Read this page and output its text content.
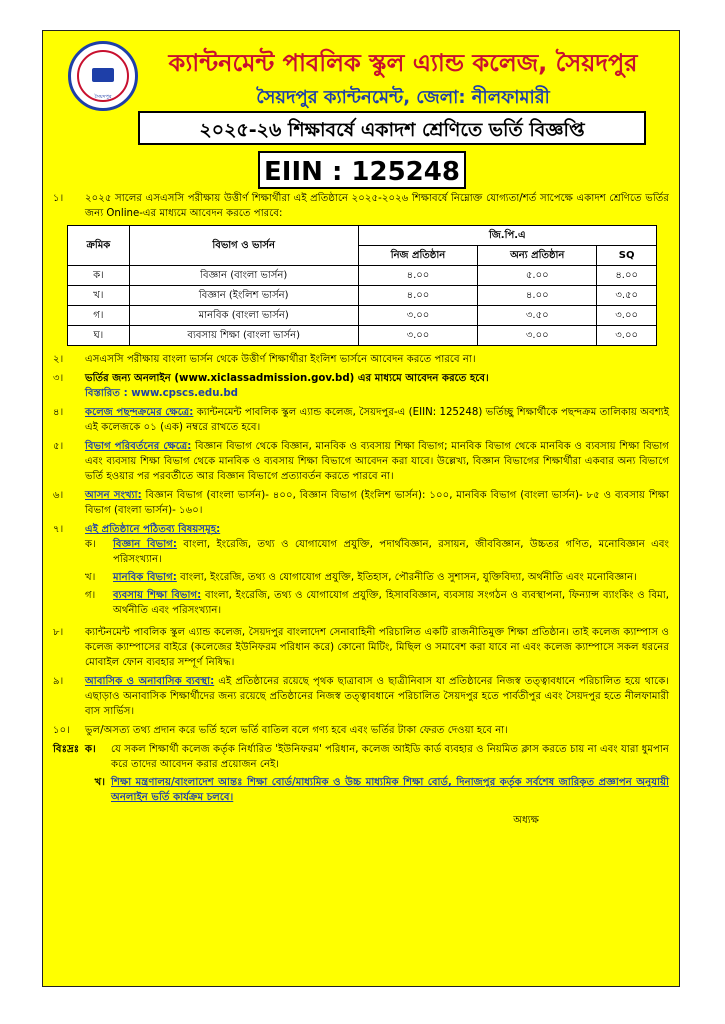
সৈয়দপুর
ক্যান্টনমেন্ট পাবলিক স্কুল এ্যান্ড কলেজ, সৈয়দপুর
সৈয়দপুর ক্যান্টনমেন্ট, জেলা: নীলফামারী
২০২৫-২৬ শিক্ষাবর্ষে একাদশ শ্রেণিতে ভর্তি বিজ্ঞপ্তি
EIIN : 125248
১।	২০২৫ সালের এসএসসি পরীক্ষায় উত্তীর্ণ শিক্ষার্থীরা এই প্রতিষ্ঠানে ২০২৫-২০২৬ শিক্ষাবর্ষে নিম্নোক্ত যোগ্যতা/শর্ত সাপেক্ষে একাদশ শ্রেণিতে ভর্তির জন্য Online-এর মাধ্যমে আবেদন করতে পারবে:
ক্রমিক	বিভাগ ও ভার্সন	জি.পি.এ		
		নিজ প্রতিষ্ঠান	অন্য প্রতিষ্ঠান	SQ
ক।	বিজ্ঞান (বাংলা ভার্সন)	৪.০০	৫.০০	৪.০০
খ।	বিজ্ঞান (ইংলিশ ভার্সন)	৪.০০	৪.০০	৩.৫০
গ।	মানবিক (বাংলা ভার্সন)	৩.০০	৩.৫০	৩.০০
ঘ।	ব্যবসায় শিক্ষা (বাংলা ভার্সন)	৩.০০	৩.০০	৩.০০
২।	এসএসসি পরীক্ষায় বাংলা ভার্সন থেকে উত্তীর্ণ শিক্ষার্থীরা ইংলিশ ভার্সনে আবেদন করতে পারবে না।
৩।	ভর্তির জন্য অনলাইন (www.xiclassadmission.gov.bd) এর মাধ্যমে আবেদন করতে হবে।
বিস্তারিত : www.cpscs.edu.bd
৪।	কলেজ পছন্দক্রমের ক্ষেত্রে: ক্যান্টনমেন্ট পাবলিক স্কুল এ্যান্ড কলেজ, সৈয়দপুর-এ (EIIN: 125248) ভর্তিচ্ছু শিক্ষার্থীকে পছন্দক্রম তালিকায় অবশ্যই এই কলেজকে ০১ (এক) নম্বরে রাখতে হবে।
৫।	বিভাগ পরিবর্তনের ক্ষেত্রে: বিজ্ঞান বিভাগ থেকে বিজ্ঞান, মানবিক ও ব্যবসায় শিক্ষা বিভাগ; মানবিক বিভাগ থেকে মানবিক ও ব্যবসায় শিক্ষা বিভাগ এবং ব্যবসায় শিক্ষা বিভাগ থেকে মানবিক ও ব্যবসায় শিক্ষা বিভাগে আবেদন করা যাবে। উল্লেখ্য, বিজ্ঞান বিভাগের শিক্ষার্থীরা একবার অন্য বিভাগে ভর্তি হওয়ার পর পরবর্তীতে আর বিজ্ঞান বিভাগে প্রত্যাবর্তন করতে পারবে না।
৬।	আসন সংখ্যা: বিজ্ঞান বিভাগ (বাংলা ভার্সন)- ৪০০, বিজ্ঞান বিভাগ (ইংলিশ ভার্সন): ১০০, মানবিক বিভাগ (বাংলা ভার্সন)- ৮৫ ও ব্যবসায় শিক্ষা বিভাগ (বাংলা ভার্সন)- ১৬০।
৭।	এই প্রতিষ্ঠানে পঠিতব্য বিষয়সমূহ:
ক।	বিজ্ঞান বিভাগ: বাংলা, ইংরেজি, তথ্য ও যোগাযোগ প্রযুক্তি, পদার্থবিজ্ঞান, রসায়ন, জীববিজ্ঞান, উচ্চতর গণিত, মনোবিজ্ঞান এবং পরিসংখ্যান।
খ।	মানবিক বিভাগ: বাংলা, ইংরেজি, তথ্য ও যোগাযোগ প্রযুক্তি, ইতিহাস, পৌরনীতি ও সুশাসন, যুক্তিবিদ্যা, অর্থনীতি এবং মনোবিজ্ঞান।
গ।	ব্যবসায় শিক্ষা বিভাগ: বাংলা, ইংরেজি, তথ্য ও যোগাযোগ প্রযুক্তি, হিসাববিজ্ঞান, ব্যবসায় সংগঠন ও ব্যবস্থাপনা, ফিন্যান্স ব্যাংকিং ও বিমা, অর্থনীতি এবং পরিসংখ্যান।
৮।	ক্যান্টনমেন্ট পাবলিক স্কুল এ্যান্ড কলেজ, সৈয়দপুর বাংলাদেশ সেনাবাহিনী পরিচালিত একটি রাজনীতিমুক্ত শিক্ষা প্রতিষ্ঠান। তাই কলেজ ক্যাম্পাস ও কলেজ ক্যাম্পাসের বাইরে (কলেজের ইউনিফরম পরিধান করে) কোনো মিটিং, মিছিল ও সমাবেশ করা যাবে না এবং কলেজ ক্যাম্পাসে সকল ধরনের মোবাইল ফোন ব্যবহার সম্পূর্ণ নিষিদ্ধ।
৯।	আবাসিক ও অনাবাসিক ব্যবস্থা: এই প্রতিষ্ঠানের রয়েছে পৃথক ছাত্রাবাস ও ছাত্রীনিবাস যা প্রতিষ্ঠানের নিজস্ব তত্ত্বাবধানে পরিচালিত হয়ে থাকে। এছাড়াও অনাবাসিক শিক্ষার্থীদের জন্য রয়েছে প্রতিষ্ঠানের নিজস্ব তত্ত্বাবধানে পরিচালিত সৈয়দপুর হতে পার্বতীপুর এবং সৈয়দপুর হতে নীলফামারী বাস সার্ভিস।
১০।	ভুল/অসত্য তথ্য প্রদান করে ভর্তি হলে ভর্তি বাতিল বলে গণ্য হবে এবং ভর্তির টাকা ফেরত দেওয়া হবে না।
বিঃদ্রঃ ক।	যে সকল শিক্ষার্থী কলেজ কর্তৃক নির্ধারিত 'ইউনিফরম' পরিধান, কলেজ আইডি কার্ড ব্যবহার ও নিয়মিত ক্লাস করতে চায় না এবং যারা ধুমপান করে তাদের আবেদন করার প্রয়োজন নেই।
খ। শিক্ষা মন্ত্রণালয়/বাংলাদেশ আন্তঃ শিক্ষা বোর্ড/মাধ্যমিক ও উচ্চ মাধ্যমিক শিক্ষা বোর্ড, দিনাজপুর কর্তৃক সর্বশেষ জারিকৃত প্রজ্ঞাপন অনুযায়ী অনলাইন ভর্তি কার্যক্রম চলবে।
অধ্যক্ষ
